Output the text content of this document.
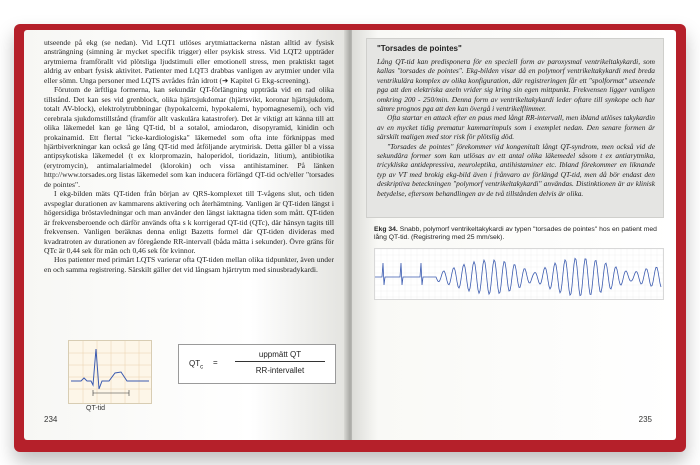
utseende på ekg (se nedan). Vid LQT1 utlöses arytmiattackerna nästan alltid av fysisk ansträngning (simning är mycket specifik trigger) eller psykisk stress. Vid LQT2 uppträder arytmierna framförallt vid plötsliga ljudstimuli eller emotionell stress, men praktiskt taget aldrig av enbart fysisk aktivitet. Patienter med LQT3 drabbas vanligen av arytmier under vila eller sömn. Unga personer med LQTS avrådes från idrott (➜ Kapitel G Ekg-screening).

Förutom de ärftliga formerna, kan sekundär QT-förlängning uppträda vid en rad olika tillstånd. Det kan ses vid grenblock, olika hjärtsjukdomar (hjärtsvikt, koronar hjärtsjukdom, totalt AV-block), elektrolytrubbningar (hypokalcemi, hypokalemi, hypomagnesemi), och vid cerebrala sjukdomstillstånd (framför allt vaskulära katastrofer). Det är viktigt att känna till att olika läkemedel kan ge lång QT-tid, bl a sotalol, amiodaron, disopyramid, kinidin och prokainamid. Ett flertal "icke-kardiologiska" läkemedel som ofta inte förknippas med hjärtbiverkningar kan också ge lång QT-tid med åtföljande arytmirisk. Detta gäller bl a vissa antipsykotiska läkemedel (t ex klorpromazin, haloperidol, tioridazin, litium), antibiotika (erytromycin), antimalarialmedel (klorokin) och vissa antihistaminer. På länken http://www.torsades.org listas läkemedel som kan inducera förlängd QT-tid och/eller "torsades de pointes".

I ekg-bilden mäts QT-tiden från början av QRS-komplexet till T-vågens slut, och tiden avspeglar durationen av kammarens aktivering och återhämtning. Vanligen är QT-tiden längst i högersidiga bröstavledningar och man använder den längst iakttagna tiden som mått. QT-tiden är frekvensberoende och därför används ofta s k korrigerad QT-tid (QTc), där hänsyn tagits till frekvensen. Vanligen beräknas denna enligt Bazetts formel där QT-tiden divideras med kvadratroten av durationen av föregående RR-intervall (båda mätta i sekunder). Övre gräns för QTc är 0,44 sek för män och 0,46 sek för kvinnor.

Hos patienter med primärt LQTS varierar ofta QT-tiden mellan olika tidpunkter, även under en och samma registrering. Särskilt gäller det vid långsam hjärtrytm med sinusbradykardi.

QT-tid
$QT_c$
=
uppmätt QT
RR-intervallet
234
"Torsades de pointes"

Lång QT-tid kan predisponera för en speciell form av paroxysmal ventrikeltakykardi, som kallas "torsades de pointes". Ekg-bilden visar då en polymorf ventrikeltakykardi med breda ventrikulära komplex av olika konfiguration, där registreringen får ett "spolformat" utseende pga att den elektriska axeln vrider sig kring sin egen mittpunkt. Frekvensen ligger vanligen omkring 200 - 250/min. Denna form av ventrikeltakykardi leder oftare till synkope och har sämre prognos pga att den kan övergå i ventrikelflimmer.

Ofta startar en attack efter en paus med långt RR-intervall, men ibland utlöses takykardin av en mycket tidig prematur kammarimpuls som i exemplet nedan. Den senare formen är särskilt maligen med stor risk för plötslig död.

"Torsades de pointes" förekommer vid kongenitalt långt QT-syndrom, men också vid de sekundära former som kan utlösas av ett antal olika läkemedel såsom t ex antiarytmika, tricykliska antidepressiva, neuroleptika, antihistaminer etc. Ibland förekommer en liknande typ av VT med brokig ekg-bild även i frånvaro av förlängd QT-tid, men då bör endast den deskriptiva beteckningen "polymorf ventrikeltakykardi" användas. Distinktionen är av klinisk betydelse, eftersom behandlingen av de två tillstånden delvis är olika.

Ekg 34. Snabb, polymorf ventrikeltakykardi av typen "torsades de pointes" hos en patient med lång QT-tid. (Registrering med 25 mm/sek).
235
